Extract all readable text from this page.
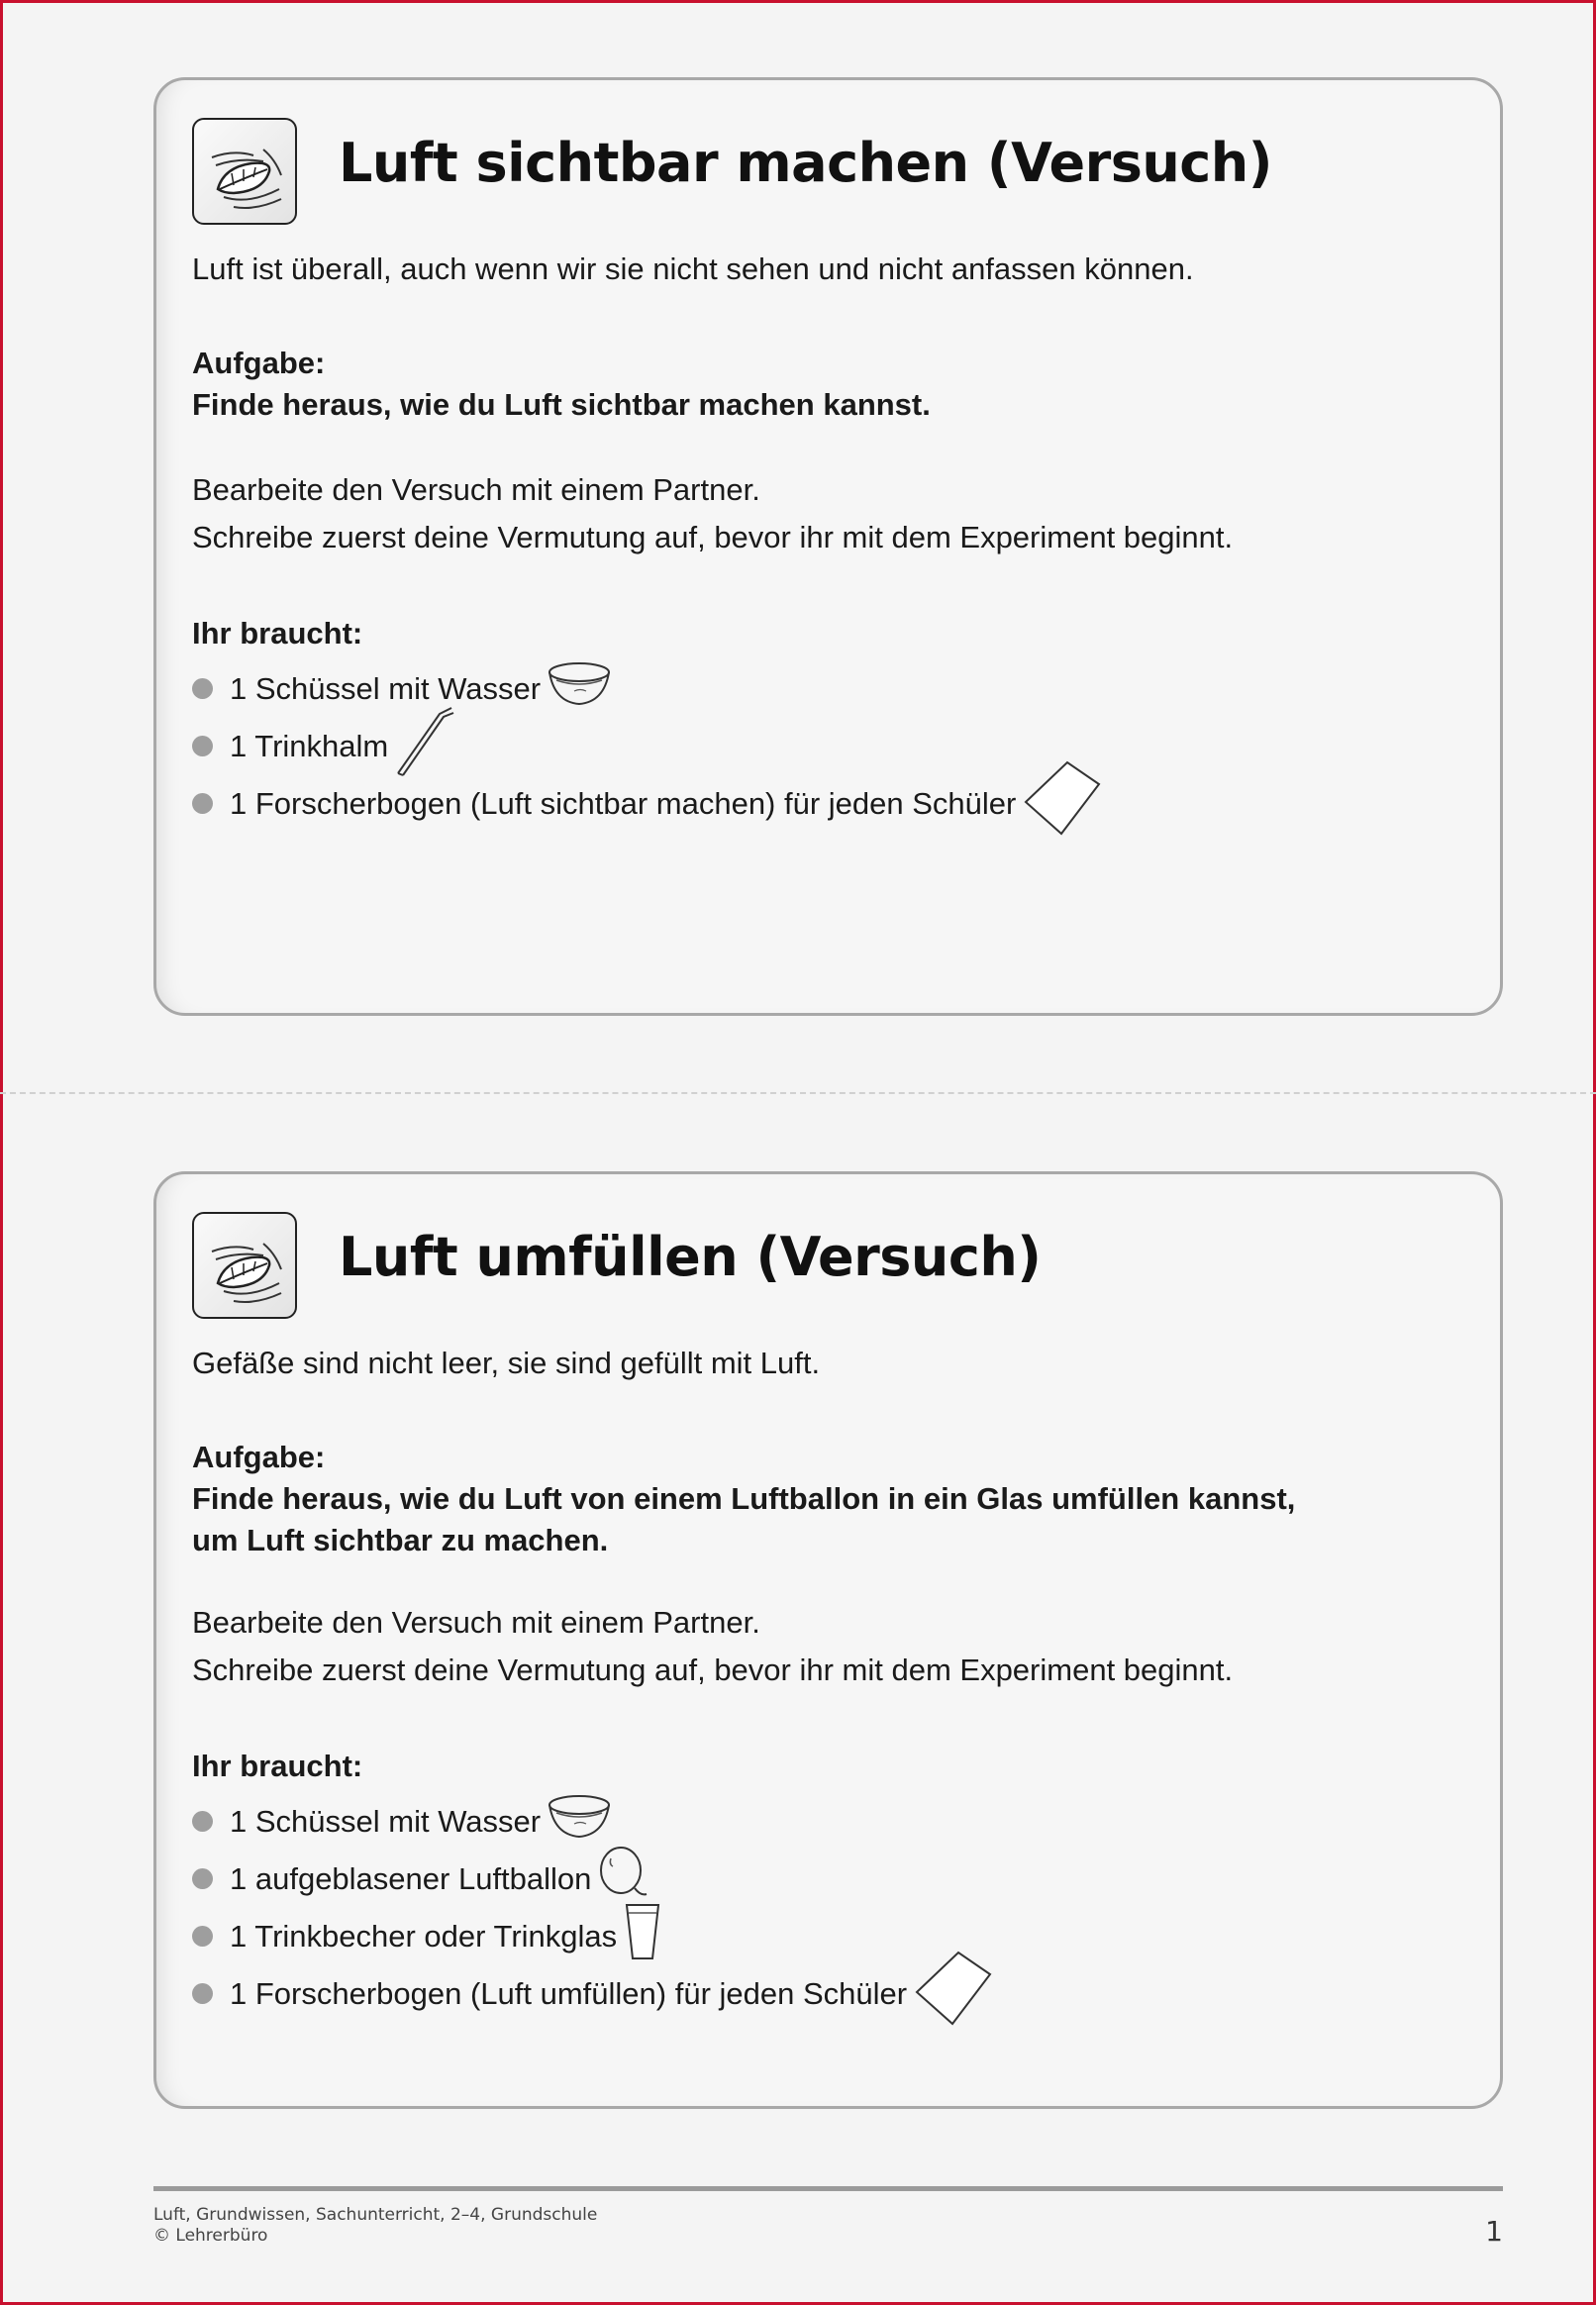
Luft sichtbar machen (Versuch)

Luft ist überall, auch wenn wir sie nicht sehen und nicht anfassen können.

Aufgabe:

Finde heraus, wie du Luft sichtbar machen kannst.

Bearbeite den Versuch mit einem Partner.

Schreibe zuerst deine Vermutung auf, bevor ihr mit dem Experiment beginnt.

Ihr braucht:

1 Schüssel mit Wasser
1 Trinkhalm
1 Forscherbogen (Luft sichtbar machen) für jeden Schüler
Luft umfüllen (Versuch)

Gefäße sind nicht leer, sie sind gefüllt mit Luft.

Aufgabe:

Finde heraus, wie du Luft von einem Luftballon in ein Glas umfüllen kannst,

um Luft sichtbar zu machen.

Bearbeite den Versuch mit einem Partner.

Schreibe zuerst deine Vermutung auf, bevor ihr mit dem Experiment beginnt.

Ihr braucht:

1 Schüssel mit Wasser
1 aufgeblasener Luftballon
1 Trinkbecher oder Trinkglas
1 Forscherbogen (Luft umfüllen) für jeden Schüler
Luft, Grundwissen, Sachunterricht, 2–4, Grundschule
© Lehrerbüro	1
